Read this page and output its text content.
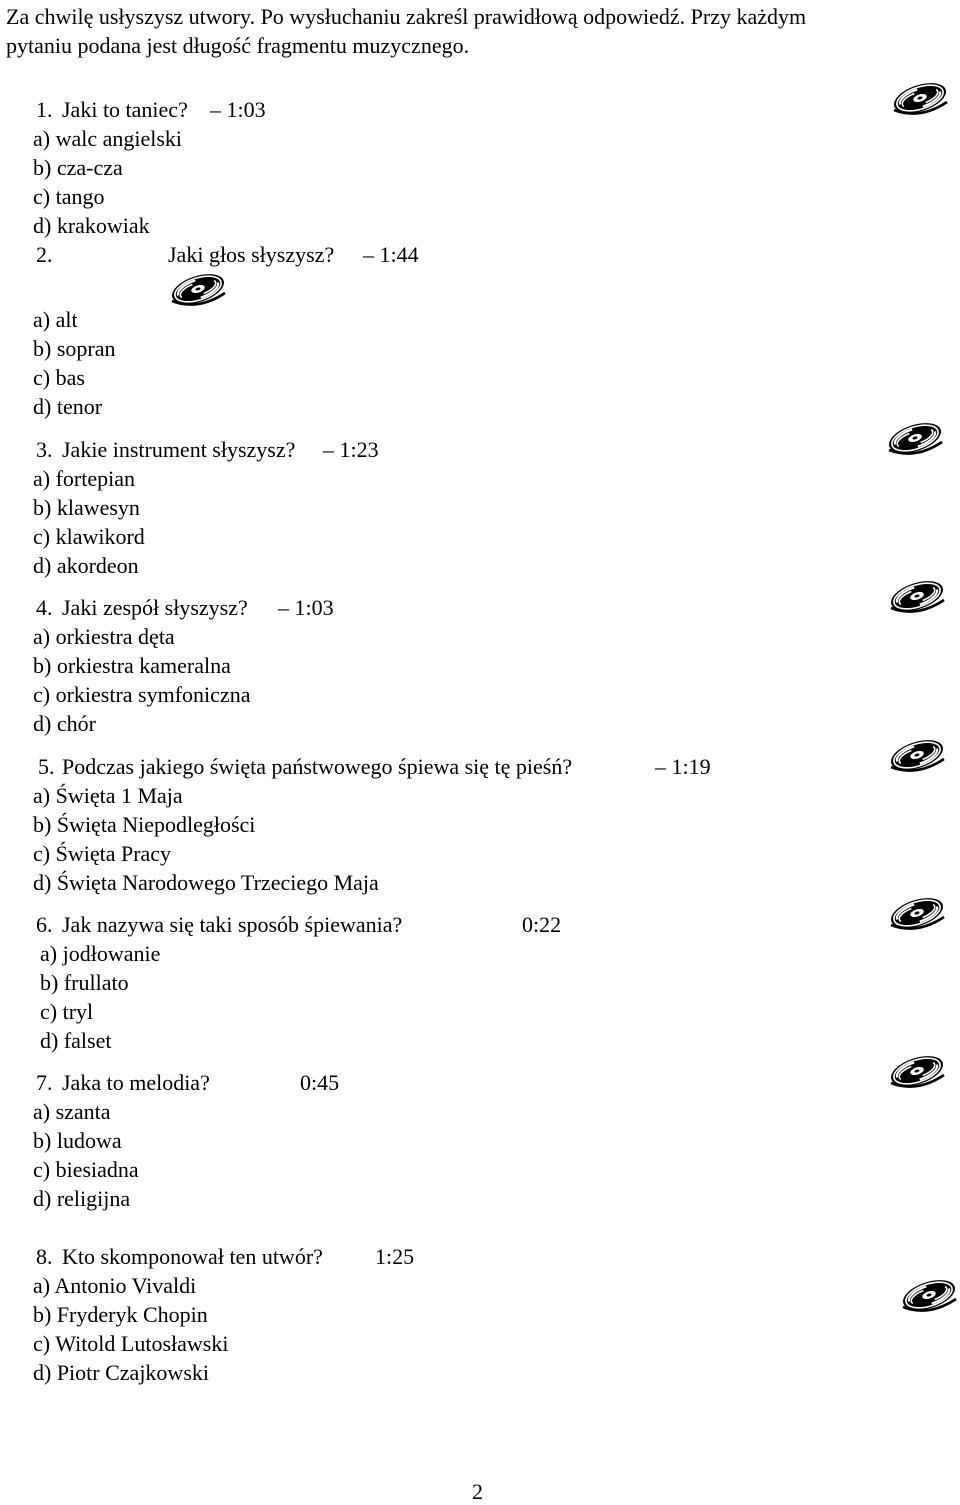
Za chwilę usłyszysz utwory. Po wysłuchaniu zakreśl prawidłową odpowiedź. Przy każdym

pytaniu podana jest długość fragmentu muzycznego.

1. Jaki to taniec? – 1:03
a) walc angielski
b) cza-cza
c) tango
d) krakowiak
2.	Jaki głos słyszysz? – 1:44
a) alt
b) sopran
c) bas
d) tenor
3. Jakie instrument słyszysz? – 1:23
a) fortepian
b) klawesyn
c) klawikord
d) akordeon
4. Jaki zespół słyszysz? – 1:03
a) orkiestra dęta
b) orkiestra kameralna
c) orkiestra symfoniczna
d) chór
5. Podczas jakiego święta państwowego śpiewa się tę pieśń?	– 1:19
a) Święta 1 Maja
b) Święta Niepodległości
c) Święta Pracy
d) Święta Narodowego Trzeciego Maja
6. Jak nazywa się taki sposób śpiewania?	0:22
a) jodłowanie
b) frullato
c) tryl
d) falset
7. Jaka to melodia?	0:45
a) szanta
b) ludowa
c) biesiadna
d) religijna
8. Kto skomponował ten utwór? 1:25
a) Antonio Vivaldi
b) Fryderyk Chopin
c) Witold Lutosławski
d) Piotr Czajkowski
2
